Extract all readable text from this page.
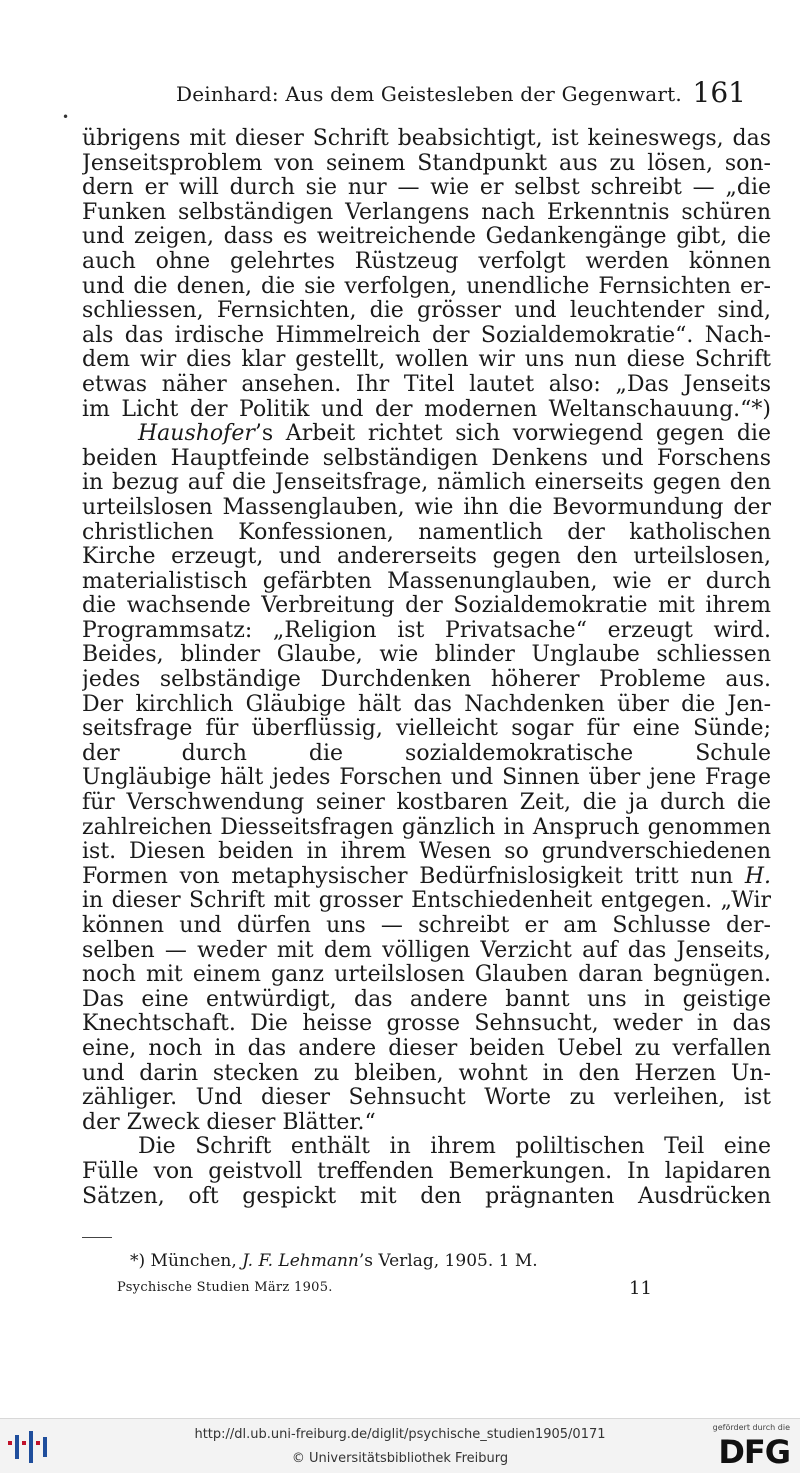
Deinhard: Aus dem Geistesleben der Gegenwart. 161
•
übrigens mit dieser Schrift beabsichtigt, ist keineswegs, das
Jenseitsproblem von seinem Standpunkt aus zu lösen, son-
dern er will durch sie nur — wie er selbst schreibt — „die
Funken selbständigen Verlangens nach Erkenntnis schüren
und zeigen, dass es weitreichende Gedankengänge gibt, die
auch ohne gelehrtes Rüstzeug verfolgt werden können
und die denen, die sie verfolgen, unendliche Fernsichten er-
schliessen, Fernsichten, die grösser und leuchtender sind,
als das irdische Himmelreich der Sozialdemokratie“. Nach-
dem wir dies klar gestellt, wollen wir uns nun diese Schrift
etwas näher ansehen. Ihr Titel lautet also: „Das Jenseits
im Licht der Politik und der modernen Weltanschauung.“*)
Haushofer’s Arbeit richtet sich vorwiegend gegen die
beiden Hauptfeinde selbständigen Denkens und Forschens
in bezug auf die Jenseitsfrage, nämlich einerseits gegen den
urteilslosen Massenglauben, wie ihn die Bevormundung der
christlichen Konfessionen, namentlich der katholischen
Kirche erzeugt, und andererseits gegen den urteilslosen,
materialistisch gefärbten Massenunglauben, wie er durch
die wachsende Verbreitung der Sozialdemokratie mit ihrem
Programmsatz: „Religion ist Privatsache“ erzeugt wird.
Beides, blinder Glaube, wie blinder Unglaube schliessen
jedes selbständige Durchdenken höherer Probleme aus.
Der kirchlich Gläubige hält das Nachdenken über die Jen-
seitsfrage für überflüssig, vielleicht sogar für eine Sünde;
der durch die sozialdemokratische Schule
Ungläubige hält jedes Forschen und Sinnen über jene Frage
für Verschwendung seiner kostbaren Zeit, die ja durch die
zahlreichen Diesseitsfragen gänzlich in Anspruch genommen
ist. Diesen beiden in ihrem Wesen so grundverschiedenen
Formen von metaphysischer Bedürfnislosigkeit tritt nun H.
in dieser Schrift mit grosser Entschiedenheit entgegen. „Wir
können und dürfen uns — schreibt er am Schlusse der-
selben — weder mit dem völligen Verzicht auf das Jenseits,
noch mit einem ganz urteilslosen Glauben daran begnügen.
Das eine entwürdigt, das andere bannt uns in geistige
Knechtschaft. Die heisse grosse Sehnsucht, weder in das
eine, noch in das andere dieser beiden Uebel zu verfallen
und darin stecken zu bleiben, wohnt in den Herzen Un-
zähliger. Und dieser Sehnsucht Worte zu verleihen, ist
der Zweck dieser Blätter.“
Die Schrift enthält in ihrem poliltischen Teil eine
Fülle von geistvoll treffenden Bemerkungen. In lapidaren
Sätzen, oft gespickt mit den prägnanten Ausdrücken
*) München, J. F. Lehmann’s Verlag, 1905. 1 M.
Psychische Studien März 1905.	11
http://dl.ub.uni-freiburg.de/diglit/psychische_studien1905/0171
© Universitätsbibliothek Freiburg
gefördert durch die
DFG
